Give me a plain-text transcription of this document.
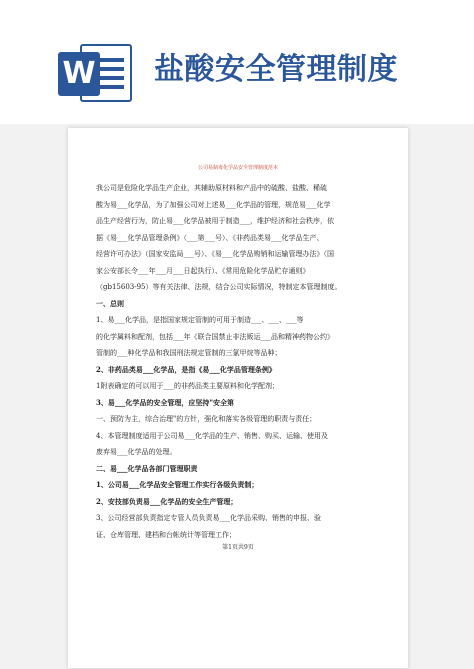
W 盐酸安全管理制度
公司易制毒化学品安全管理制度范本

我公司是危险化学品生产企业，其辅助原材料和产品中的硫酸、盐酸、稀硫

酸为易___化学品，为了加强公司对上述易___化学品的管理，规范易___化学

品生产经营行为，防止易___化学品被用于制造___，维护经济和社会秩序，依

据《易___化学品管理条例》（___第___号）、《非药品类易___化学品生产、

经营许可办法》（国家安监局___号）、《易___化学品购销和运输管理办法》（国

家公安部长令___年___月___日起执行）、《常用危险化学品贮存通则》

（gb15603-95）等有关法律、法规，结合公司实际情况，特制定本管理制度。

一、总则

1、易___化学品，是指国家规定管制的可用于制造___、___、___等

的化学属料和配剂，包括___年《联合国禁止非法贩运___品和精神药物公约》

管制的___种化学品和我国刑法规定管制的三氯甲烷等品种；

2、非药品类易___化学品，是指《易___化学品管理条例》

1附表确定的可以用于___的非药品类主要原料和化学配剂；

3、易___化学品的安全管理，应坚持"安全第

一、预防为主，综合治理"的方针，强化和落实各级管理的职责与责任；

4、本管理制度适用于公司易___化学品的生产、销售、购买、运输、使用及

废弃易___化学品的处理。

二、易___化学品各部门管理职责

1、公司易___化学品安全管理工作实行各级负责制；

2、安技部负责易___化学品的安全生产管理；

3、公司经营部负责指定专管人员负责易___化学品采购、销售的申报、验

证、仓库管理、建档和台帐统计等管理工作；

第1页共9页
